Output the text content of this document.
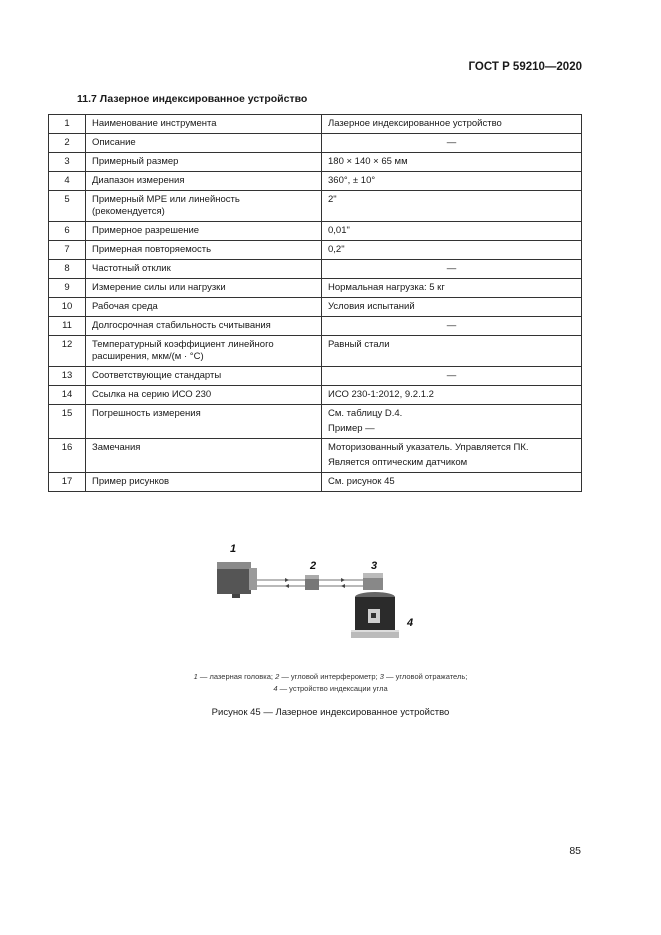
ГОСТ Р 59210—2020
11.7 Лазерное индексированное устройство
1	Наименование инструмента	Лазерное индексированное устройство
2	Описание	—
3	Примерный размер	180 × 140 × 65 мм
4	Диапазон измерения	360°, ± 10°
5	Примерный MPE или линейность (рекомендуется)	2"
6	Примерное разрешение	0,01"
7	Примерная повторяемость	0,2"
8	Частотный отклик	—
9	Измерение силы или нагрузки	Нормальная нагрузка: 5 кг
10	Рабочая среда	Условия испытаний
11	Долгосрочная стабильность считывания	—
12	Температурный коэффициент линейного расширения, мкм/(м · °С)	Равный стали
13	Соответствующие стандарты	—
14	Ссылка на серию ИСО 230	ИСО 230-1:2012, 9.2.1.2
15	Погрешность измерения	См. таблицу D.4.
Пример —

16	Замечания	Моторизованный указатель. Управляется ПК.
Является оптическим датчиком

17	Пример рисунков	См. рисунок 45
1
2	3
4
1 — лазерная головка; 2 — угловой интерферометр; 3 — угловой отражатель;
4 — устройство индексации угла
Рисунок 45 — Лазерное индексированное устройство
85
